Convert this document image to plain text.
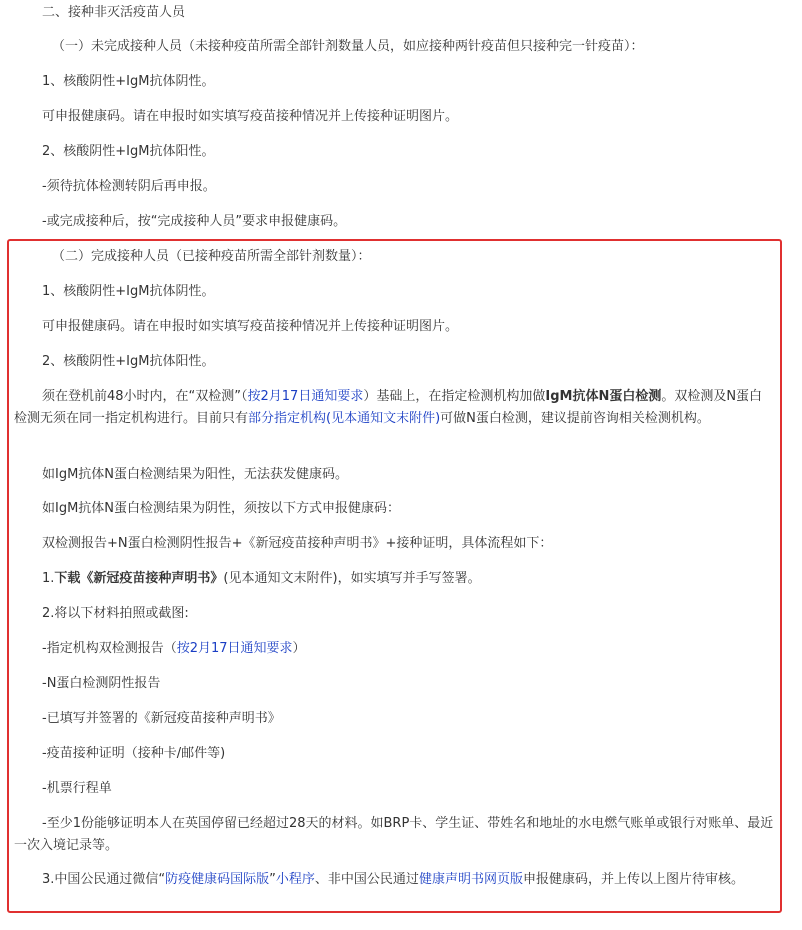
二、接种非灭活疫苗人员
（一）未完成接种人员（未接种疫苗所需全部针剂数量人员，如应接种两针疫苗但只接种完一针疫苗）：
1、核酸阴性+IgM抗体阴性。
可申报健康码。请在申报时如实填写疫苗接种情况并上传接种证明图片。
2、核酸阴性+IgM抗体阳性。
-须待抗体检测转阴后再申报。
-或完成接种后，按“完成接种人员”要求申报健康码。
（二）完成接种人员（已接种疫苗所需全部针剂数量）：
1、核酸阴性+IgM抗体阴性。
可申报健康码。请在申报时如实填写疫苗接种情况并上传接种证明图片。
2、核酸阴性+IgM抗体阳性。
须在登机前48小时内，在“双检测”（按2月17日通知要求）基础上，在指定检测机构加做IgM抗体N蛋白检测。双检测及N蛋白检测无须在同一指定机构进行。目前只有部分指定机构(见本通知文末附件)可做N蛋白检测，建议提前咨询相关检测机构。
如IgM抗体N蛋白检测结果为阳性，无法获发健康码。
如IgM抗体N蛋白检测结果为阴性，须按以下方式申报健康码：
双检测报告+N蛋白检测阴性报告+《新冠疫苗接种声明书》+接种证明，具体流程如下：
1.下载《新冠疫苗接种声明书》(见本通知文末附件)，如实填写并手写签署。
2.将以下材料拍照或截图:
-指定机构双检测报告（按2月17日通知要求）
-N蛋白检测阴性报告
-已填写并签署的《新冠疫苗接种声明书》
-疫苗接种证明（接种卡/邮件等)
-机票行程单
-至少1份能够证明本人在英国停留已经超过28天的材料。如BRP卡、学生证、带姓名和地址的水电燃气账单或银行对账单、最近一次入境记录等。
3.中国公民通过微信“防疫健康码国际版”小程序、非中国公民通过健康声明书网页版申报健康码，并上传以上图片待审核。
